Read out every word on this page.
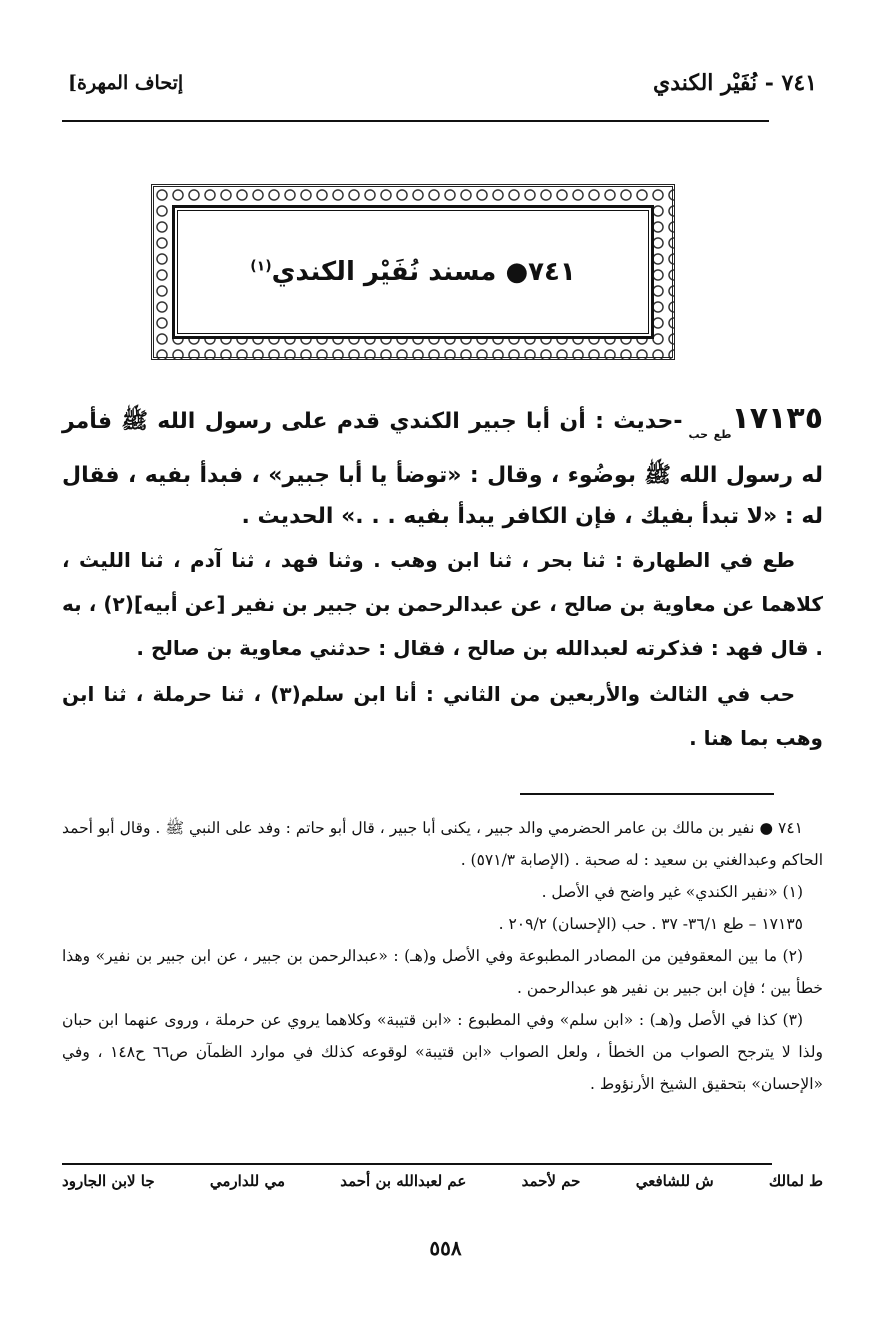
[إتحاف المهرة	٧٤١ - نُفَيْر الكندي
٧٤١● مسند نُفَيْر الكندي$^{(١)}$

$١٧١٣٥_{طع حب}$-حديث : أن أبا جبير الكندي قدم على رسول الله ﷺ فأمر له رسول الله ﷺ بوضُوء ، وقال : «توضأ يا أبا جبير» ، فبدأ بفيه ، فقال له : «لا تبدأ بفيك ، فإن الكافر يبدأ بفيه . . .» الحديث .

طع في الطهارة : ثنا بحر ، ثنا ابن وهب . وثنا فهد ، ثنا آدم ، ثنا الليث ، كلاهما عن معاوية بن صالح ، عن عبدالرحمن بن جبير بن نفير [عن أبيه](٢) ، به . قال فهد : فذكرته لعبدالله بن صالح ، فقال : حدثني معاوية بن صالح .

حب في الثالث والأربعين من الثاني : أنا ابن سلم(٣) ، ثنا حرملة ، ثنا ابن وهب بما هنا .

٧٤١ ● نفير بن مالك بن عامر الحضرمي والد جبير ، يكنى أبا جبير ، قال أبو حاتم : وفد على النبي ﷺ . وقال أبو أحمد الحاكم وعبدالغني بن سعيد : له صحبة . (الإصابة ٥٧١/٣) .

(١) «نفير الكندي» غير واضح في الأصل .

١٧١٣٥ – طع ٣٦/١- ٣٧ . حب (الإحسان) ٢٠٩/٢ .

(٢) ما بين المعقوفين من المصادر المطبوعة وفي الأصل و(هـ) : «عبدالرحمن بن جبير ، عن ابن جبير بن نفير» وهذا خطأ بين ؛ فإن ابن جبير بن نفير هو عبدالرحمن .

(٣) كذا في الأصل و(هـ) : «ابن سلم» وفي المطبوع : «ابن قتيبة» وكلاهما يروي عن حرملة ، وروى عنهما ابن حبان ولذا لا يترجح الصواب من الخطأ ، ولعل الصواب «ابن قتيبة» لوقوعه كذلك في موارد الظمآن ص٦٦ ح١٤٨ ، وفي «الإحسان» بتحقيق الشيخ الأرنؤوط .

ط لمالك
ش للشافعي
حم لأحمد
عم لعبدالله بن أحمد
مي للدارمي
جا لابن الجارود
٥٥٨
